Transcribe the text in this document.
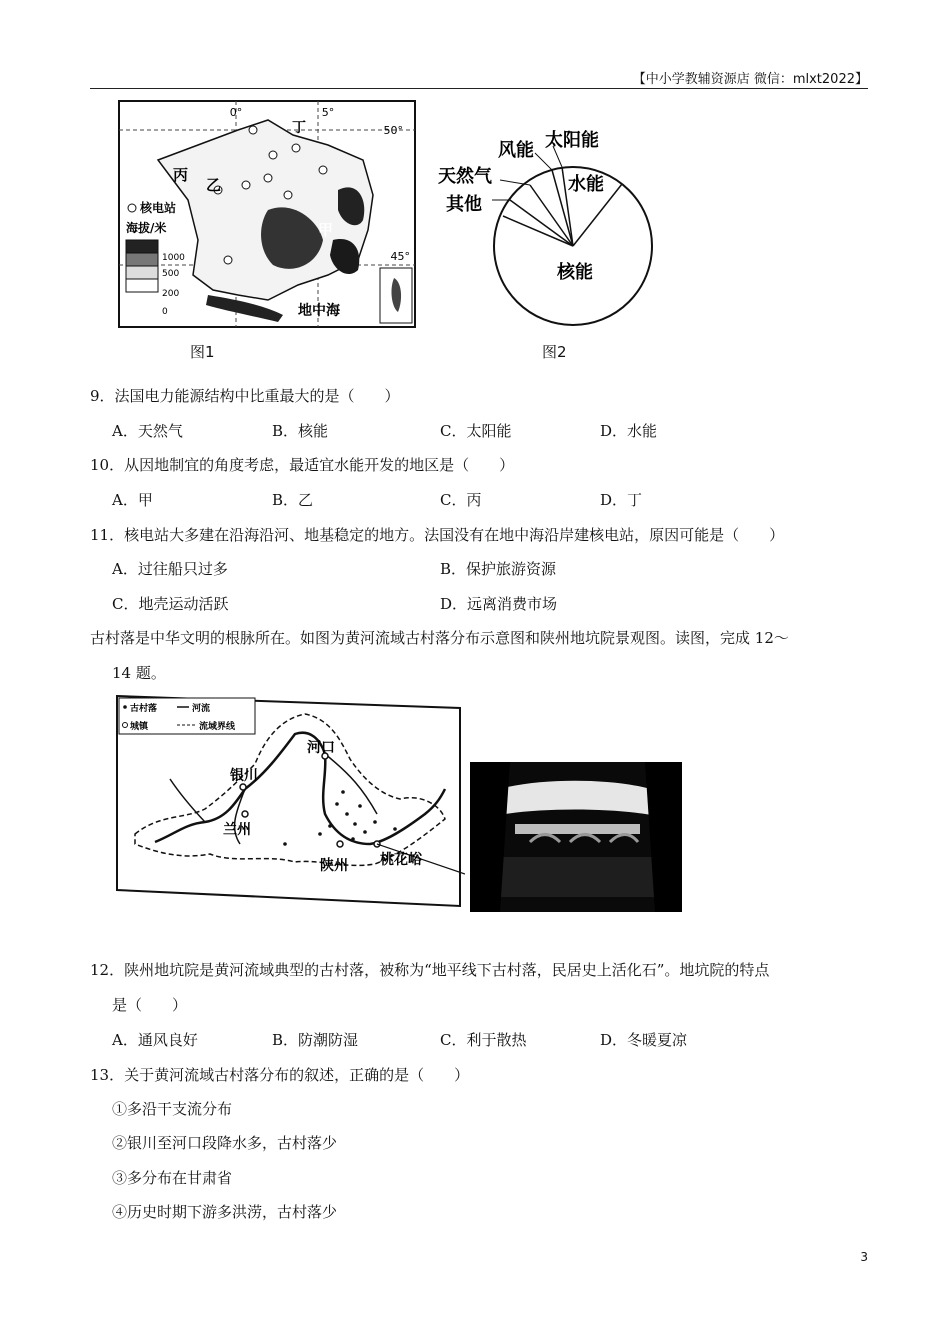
【中小学教辅资源店 微信：mlxt2022】
0°	5°
50°
45°
丁
丙
乙
甲
地中海
核电站
海拔/米
1000
500
200
0
图1
核能
水能
太阳能
风能
天然气
其他
图2
9．法国电力能源结构中比重最大的是（　　）
A．天然气	B．核能	C．太阳能	D．水能
10．从因地制宜的角度考虑，最适宜水能开发的地区是（　　）
A．甲	B．乙	C．丙	D．丁
11．核电站大多建在沿海沿河、地基稳定的地方。法国没有在地中海沿岸建核电站，原因可能是（　　）
A．过往船只过多	B．保护旅游资源
C．地壳运动活跃	D．远离消费市场
古村落是中华文明的根脉所在。如图为黄河流域古村落分布示意图和陕州地坑院景观图。读图，完成 12～
14 题。
古村落	河流
城镇	流域界线
河口
银川
兰州
陕州 桃花峪
12．陕州地坑院是黄河流域典型的古村落，被称为“地平线下古村落，民居史上活化石”。地坑院的特点
是（　　）
A．通风良好	B．防潮防湿	C．利于散热	D．冬暖夏凉
13．关于黄河流域古村落分布的叙述，正确的是（　　）
①多沿干支流分布
②银川至河口段降水多，古村落少
③多分布在甘肃省
④历史时期下游多洪涝，古村落少
3
